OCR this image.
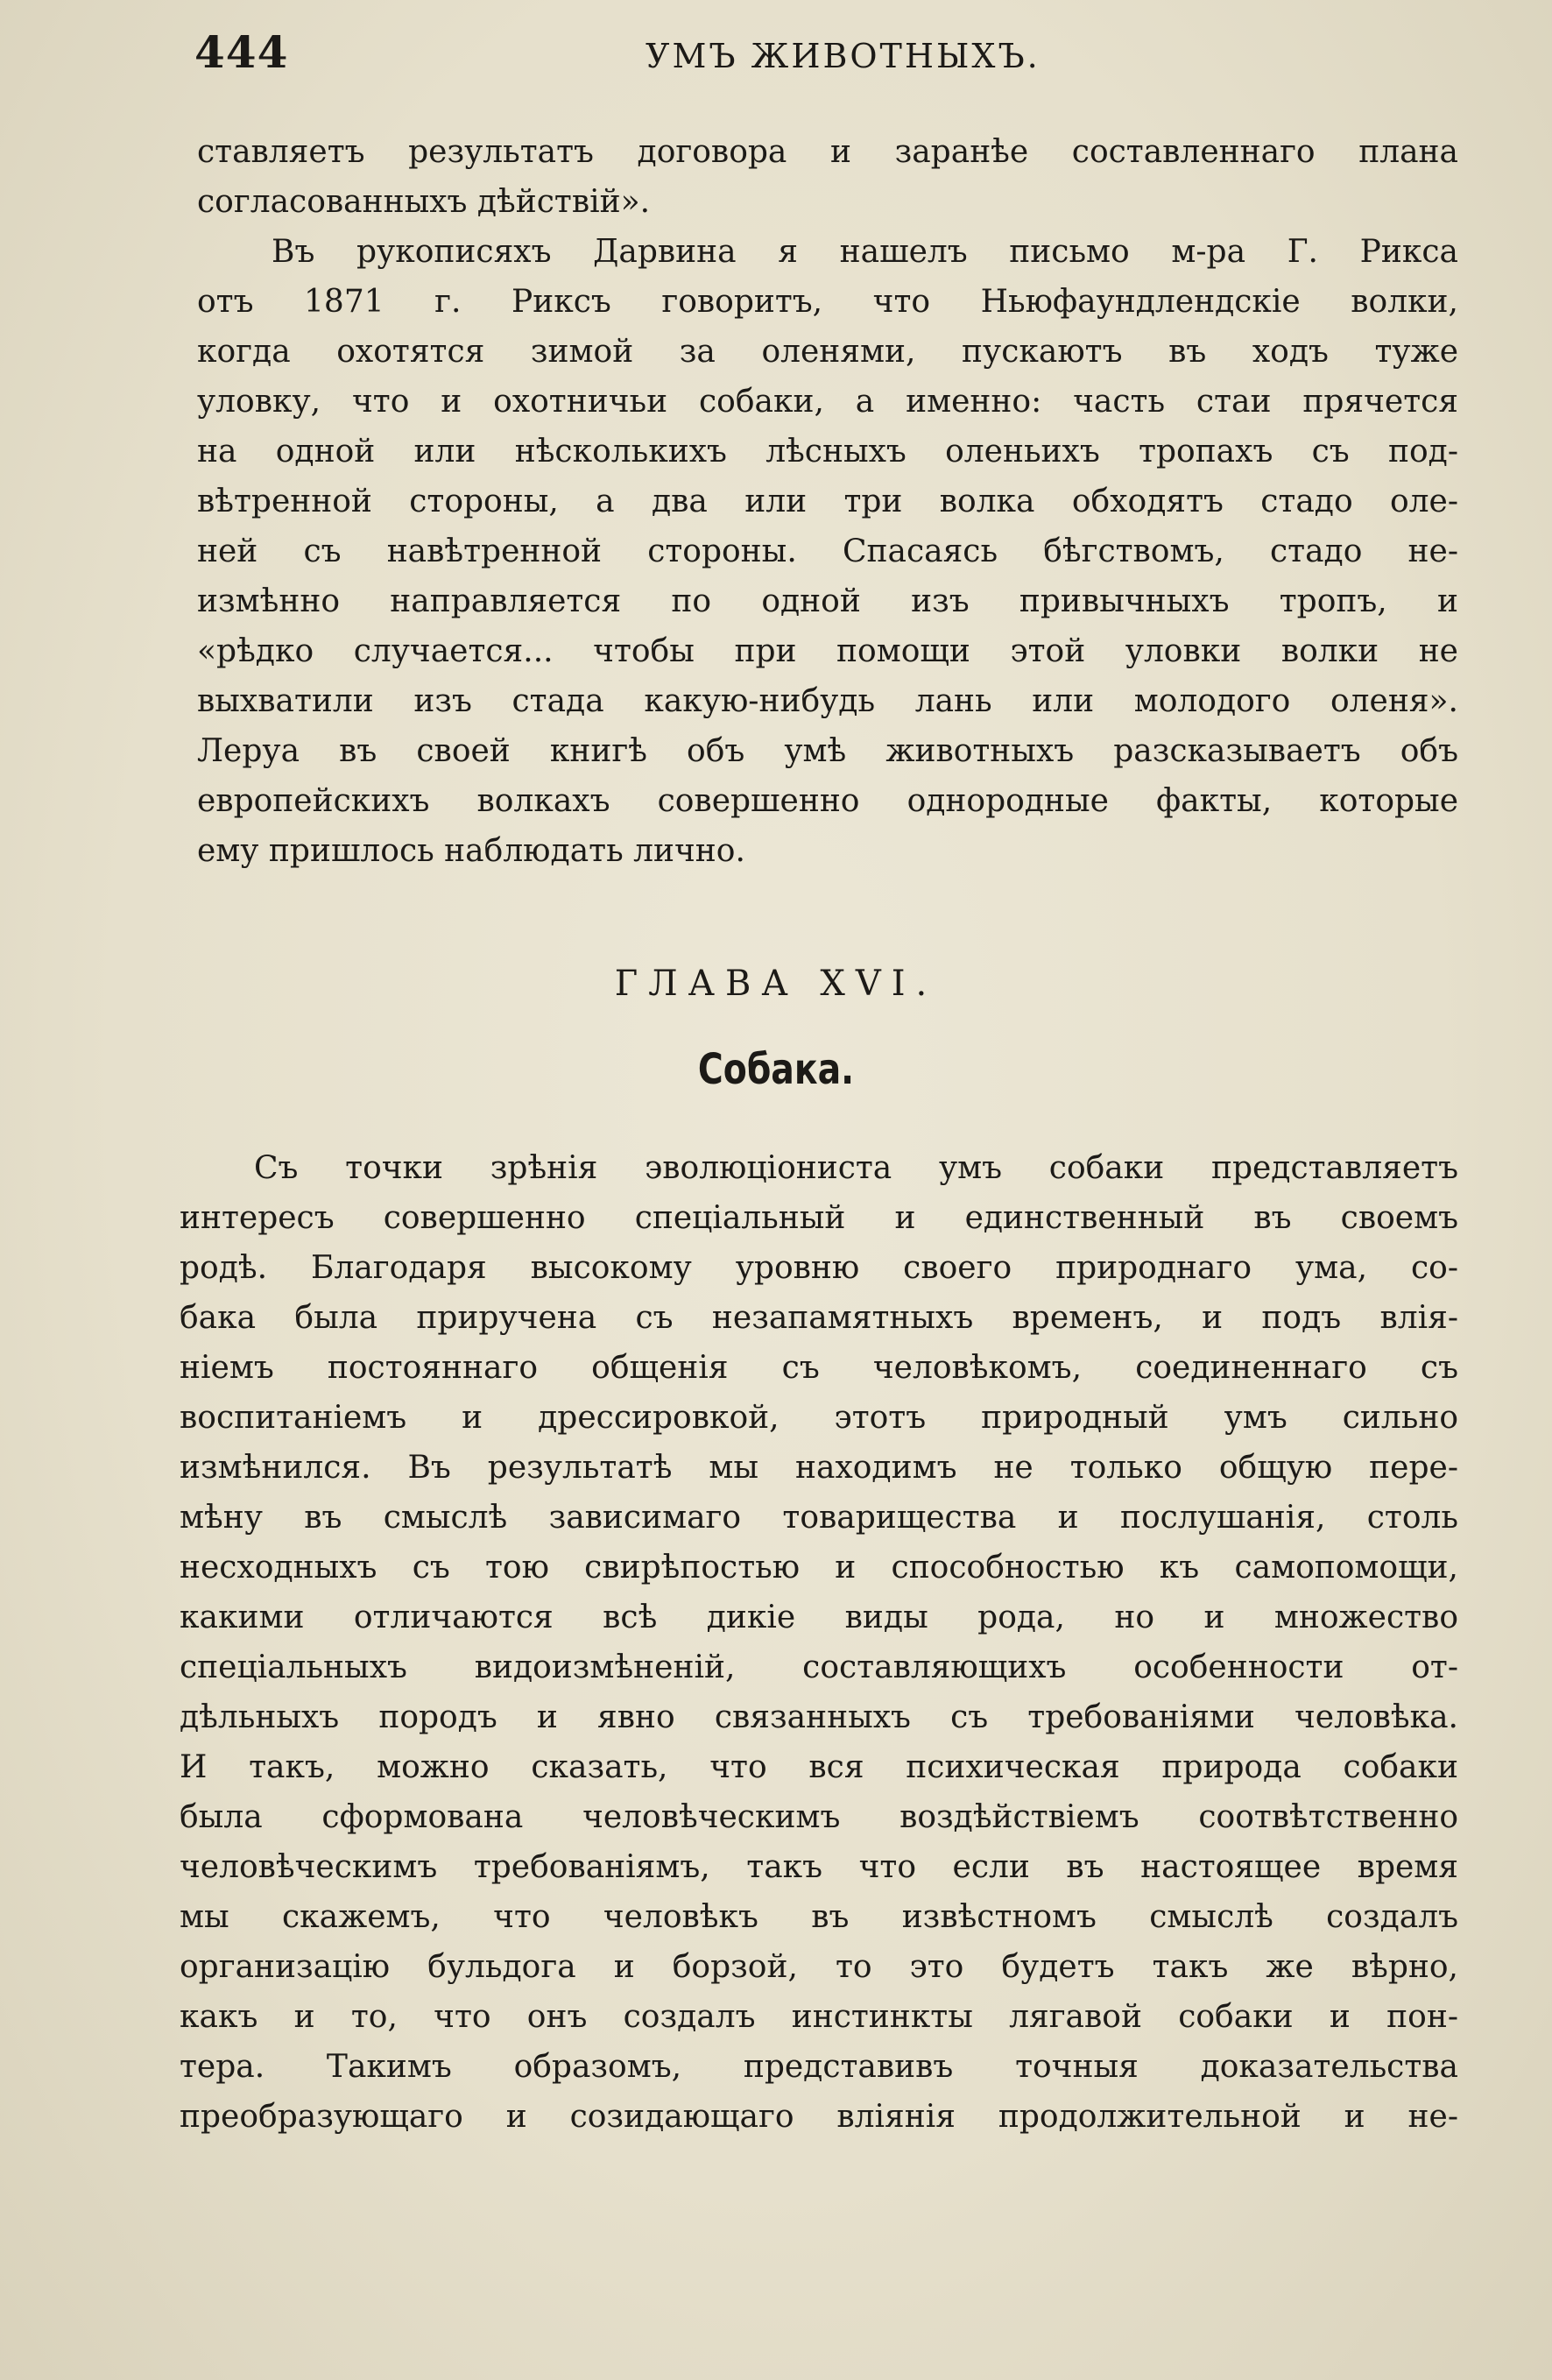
444	УМЪ ЖИВОТНЫХЪ.
ставляетъ результатъ договора и заранѣе составленнаго плана
согласованныхъ дѣйствій».
Въ рукописяхъ Дарвина я нашелъ письмо м-ра Г. Рикса
отъ 1871 г. Риксъ говоритъ, что Ньюфаундлендскіе волки,
когда охотятся зимой за оленями, пускаютъ въ ходъ туже
уловку, что и охотничьи собаки, а именно: часть стаи прячется
на одной или нѣсколькихъ лѣсныхъ оленьихъ тропахъ съ под-
вѣтренной стороны, а два или три волка обходятъ стадо оле-
ней съ навѣтренной стороны. Спасаясь бѣгствомъ, стадо не-
измѣнно направляется по одной изъ привычныхъ тропъ, и
«рѣдко случается... чтобы при помощи этой уловки волки не
выхватили изъ стада какую-нибудь лань или молодого оленя».
Леруа въ своей книгѣ объ умѣ животныхъ разсказываетъ объ
европейскихъ волкахъ совершенно однородные факты, которые
ему пришлось наблюдать лично.
ГЛАВА XVI.
Собака.
Съ точки зрѣнія эволюціониста умъ собаки представляетъ
интересъ совершенно спеціальный и единственный въ своемъ
родѣ. Благодаря высокому уровню своего природнаго ума, со-
бака была приручена съ незапамятныхъ временъ, и подъ влія-
ніемъ постояннаго общенія съ человѣкомъ, соединеннаго съ
воспитаніемъ и дрессировкой, этотъ природный умъ сильно
измѣнился. Въ результатѣ мы находимъ не только общую пере-
мѣну въ смыслѣ зависимаго товарищества и послушанія, столь
несходныхъ съ тою свирѣпостью и способностью къ самопомощи,
какими отличаются всѣ дикіе виды рода, но и множество
спеціальныхъ видоизмѣненій, составляющихъ особенности от-
дѣльныхъ породъ и явно связанныхъ съ требованіями человѣка.
И такъ, можно сказать, что вся психическая природа собаки
была сформована человѣческимъ воздѣйствіемъ соотвѣтственно
человѣческимъ требованіямъ, такъ что если въ настоящее время
мы скажемъ, что человѣкъ въ извѣстномъ смыслѣ создалъ
организацію бульдога и борзой, то это будетъ такъ же вѣрно,
какъ и то, что онъ создалъ инстинкты лягавой собаки и пон-
тера. Такимъ образомъ, представивъ точныя доказательства
преобразующаго и созидающаго вліянія продолжительной и не-
